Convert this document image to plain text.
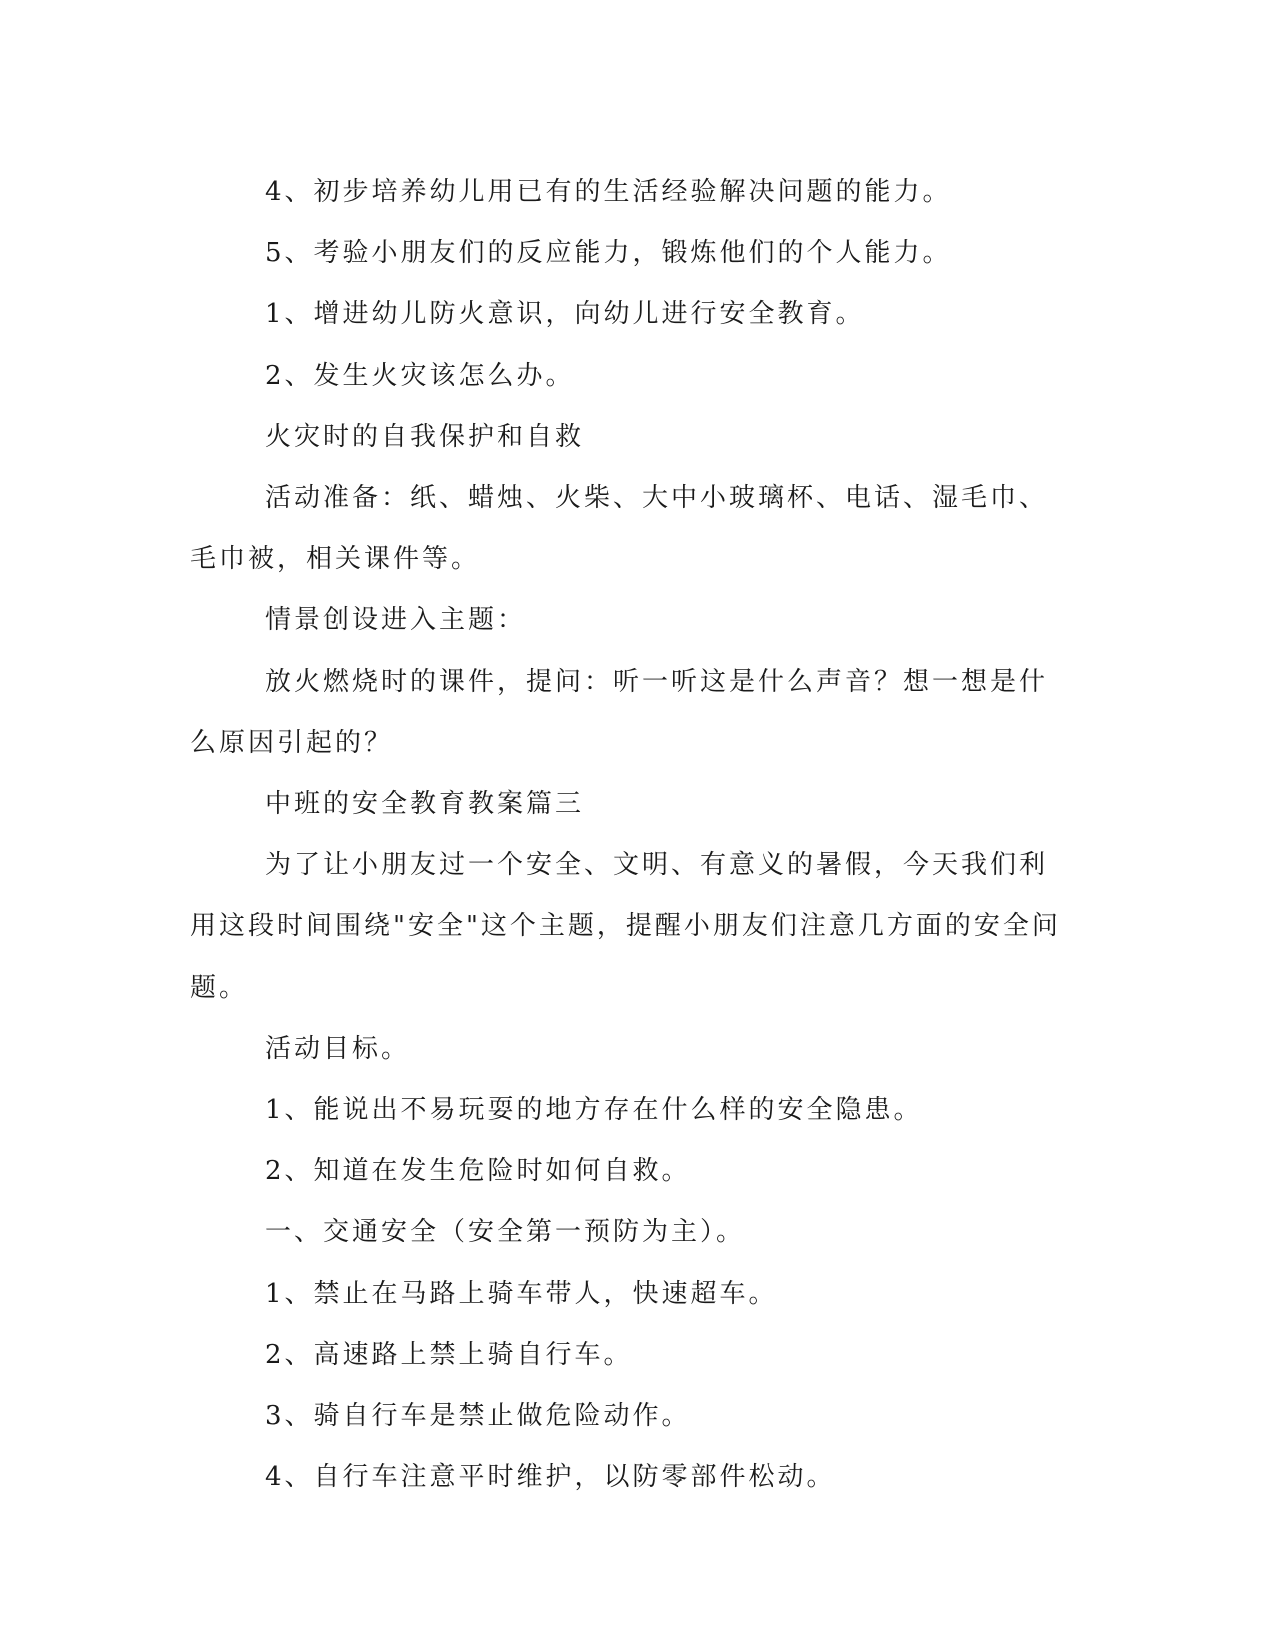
4、初步培养幼儿用已有的生活经验解决问题的能力。

5、考验小朋友们的反应能力，锻炼他们的个人能力。

1、增进幼儿防火意识，向幼儿进行安全教育。

2、发生火灾该怎么办。

火灾时的自我保护和自救

活动准备：纸、蜡烛、火柴、大中小玻璃杯、电话、湿毛巾、毛巾被，相关课件等。

情景创设进入主题：

放火燃烧时的课件，提问：听一听这是什么声音？想一想是什么原因引起的？

中班的安全教育教案篇三

为了让小朋友过一个安全、文明、有意义的暑假，今天我们利用这段时间围绕"安全"这个主题，提醒小朋友们注意几方面的安全问题。

活动目标。

1、能说出不易玩耍的地方存在什么样的安全隐患。

2、知道在发生危险时如何自救。

一、交通安全（安全第一预防为主）。

1、禁止在马路上骑车带人，快速超车。

2、高速路上禁上骑自行车。

3、骑自行车是禁止做危险动作。

4、自行车注意平时维护，以防零部件松动。
